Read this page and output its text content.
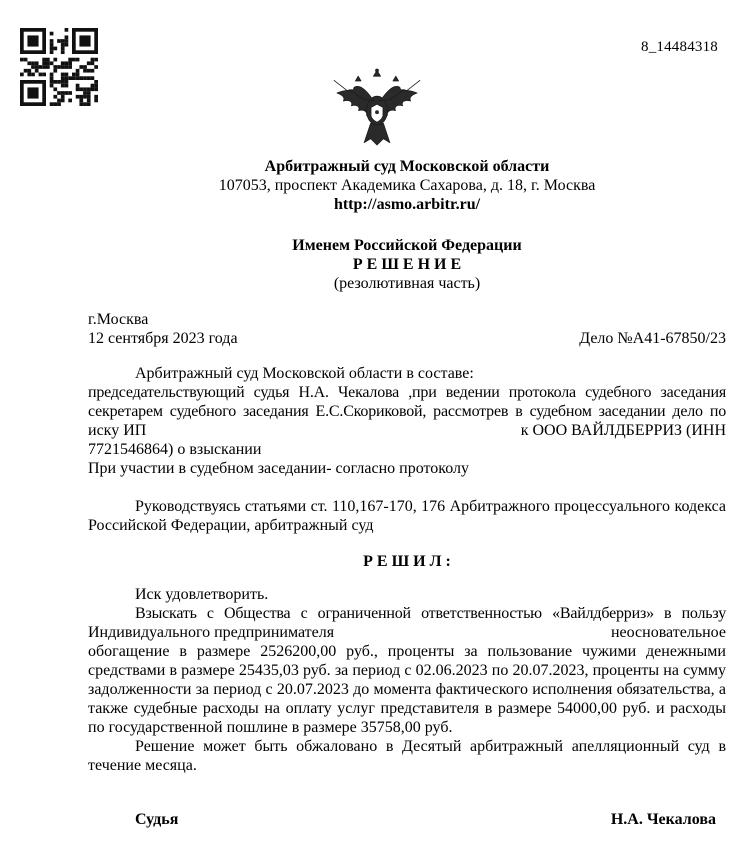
8_14484318
Арбитражный суд Московской области
107053, проспект Академика Сахарова, д. 18, г. Москва
http://asmo.arbitr.ru/
Именем Российской Федерации
Р Е Ш Е Н И Е
(резолютивная часть)
г.Москва
12 сентября 2023 года	Дело №А41-67850/23
Арбитражный суд Московской области в составе:
председательствующий судья Н.А. Чекалова ,при ведении протокола судебного заседания
секретарем судебного заседания Е.С.Скориковой, рассмотрев в судебном заседании дело по
иску ИП	к ООО ВАЙЛДБЕРРИЗ (ИНН
7721546864) о взыскании
При участии в судебном заседании- согласно протоколу
Руководствуясь статьями ст. 110,167-170, 176 Арбитражного процессуального кодекса Российской Федерации, арбитражный суд
Р Е Ш И Л :
Иск удовлетворить.
Взыскать с Общества с ограниченной ответственностью «Вайлдберриз» в пользу
Индивидуального предпринимателя	неосновательное
обогащение в размере 2526200,00 руб., проценты за пользование чужими денежными средствами в размере 25435,03 руб. за период с 02.06.2023 по 20.07.2023, проценты на сумму задолженности за период с 20.07.2023 до момента фактического исполнения обязательства, а также судебные расходы на оплату услуг представителя в размере 54000,00 руб. и расходы по государственной пошлине в размере 35758,00 руб.
Решение может быть обжаловано в Десятый арбитражный апелляционный суд в течение месяца.
Судья	Н.А. Чекалова
